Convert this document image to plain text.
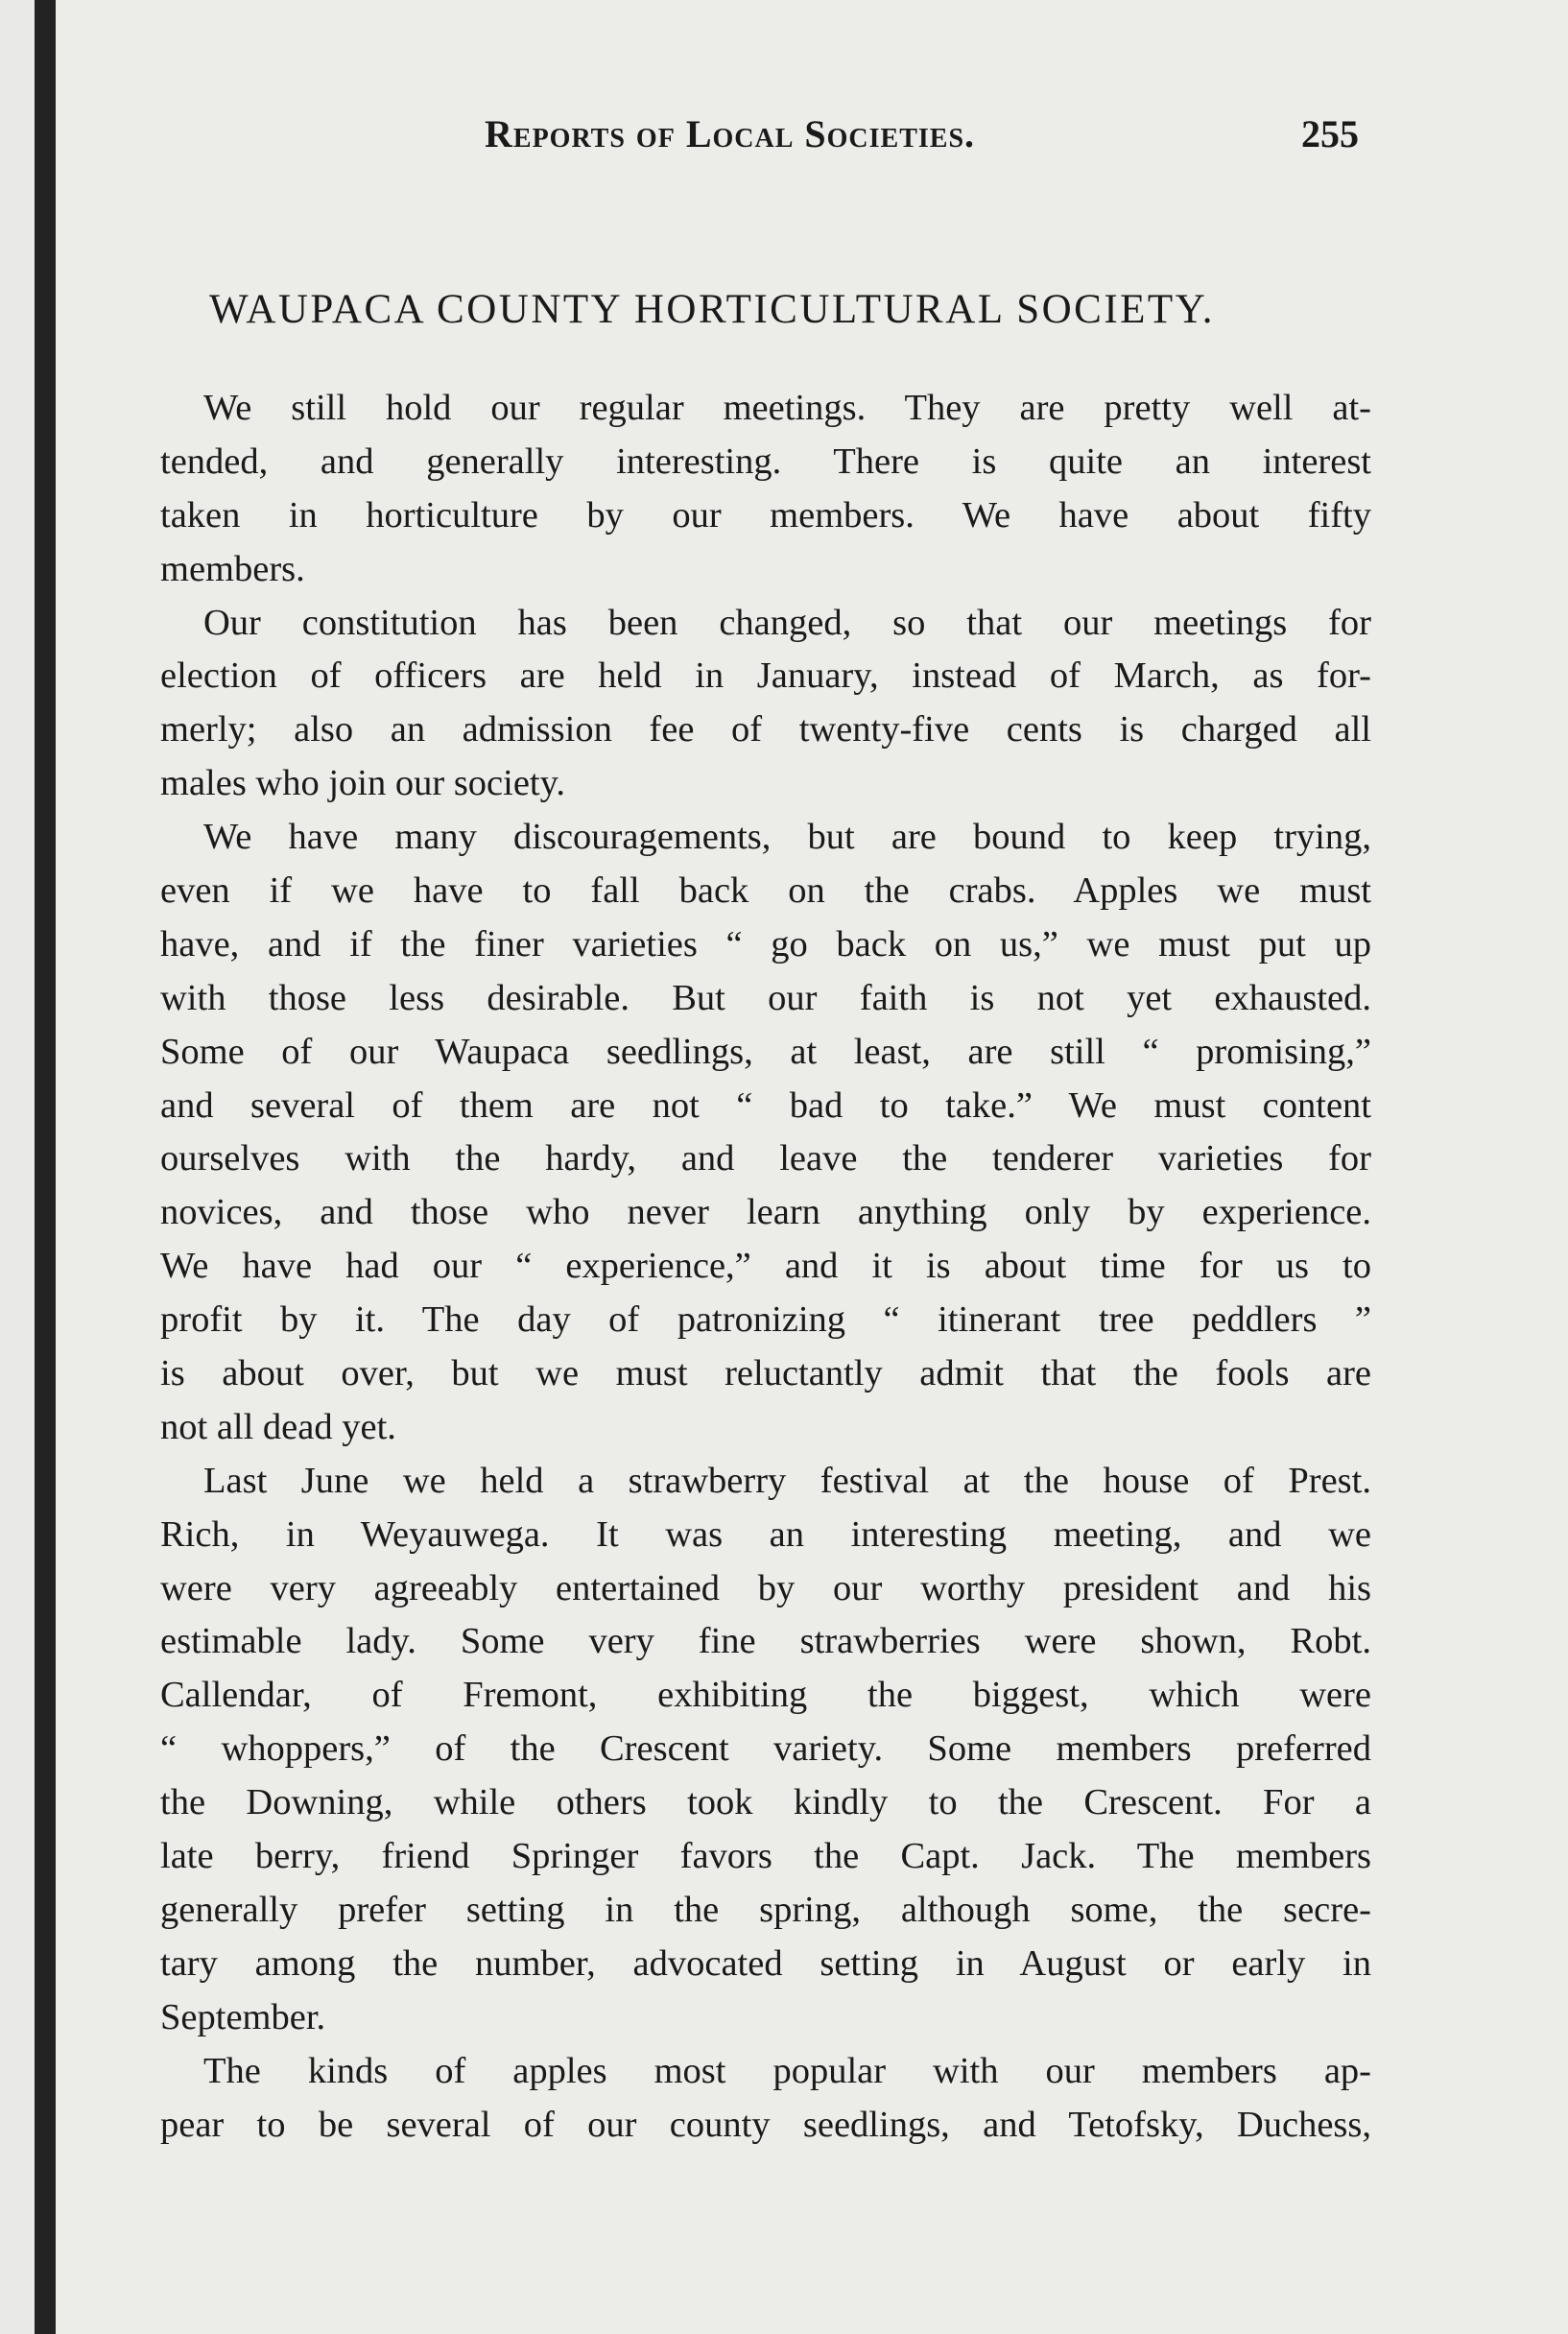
Reports of Local Societies.	255
WAUPACA COUNTY HORTICULTURAL SOCIETY.
We still hold our regular meetings. They are pretty well at-
tended, and generally interesting. There is quite an interest
taken in horticulture by our members. We have about fifty
members.
Our constitution has been changed, so that our meetings for
election of officers are held in January, instead of March, as for-
merly; also an admission fee of twenty-five cents is charged all
males who join our society.
We have many discouragements, but are bound to keep trying,
even if we have to fall back on the crabs. Apples we must
have, and if the finer varieties “ go back on us,” we must put up
with those less desirable. But our faith is not yet exhausted.
Some of our Waupaca seedlings, at least, are still “ promising,”
and several of them are not “ bad to take.” We must content
ourselves with the hardy, and leave the tenderer varieties for
novices, and those who never learn anything only by experience.
We have had our “ experience,” and it is about time for us to
profit by it. The day of patronizing “ itinerant tree peddlers ”
is about over, but we must reluctantly admit that the fools are
not all dead yet.
Last June we held a strawberry festival at the house of Prest.
Rich, in Weyauwega. It was an interesting meeting, and we
were very agreeably entertained by our worthy president and his
estimable lady. Some very fine strawberries were shown, Robt.
Callendar, of Fremont, exhibiting the biggest, which were
“ whoppers,” of the Crescent variety. Some members preferred
the Downing, while others took kindly to the Crescent. For a
late berry, friend Springer favors the Capt. Jack. The members
generally prefer setting in the spring, although some, the secre-
tary among the number, advocated setting in August or early in
September.
The kinds of apples most popular with our members ap-
pear to be several of our county seedlings, and Tetofsky, Duchess,
